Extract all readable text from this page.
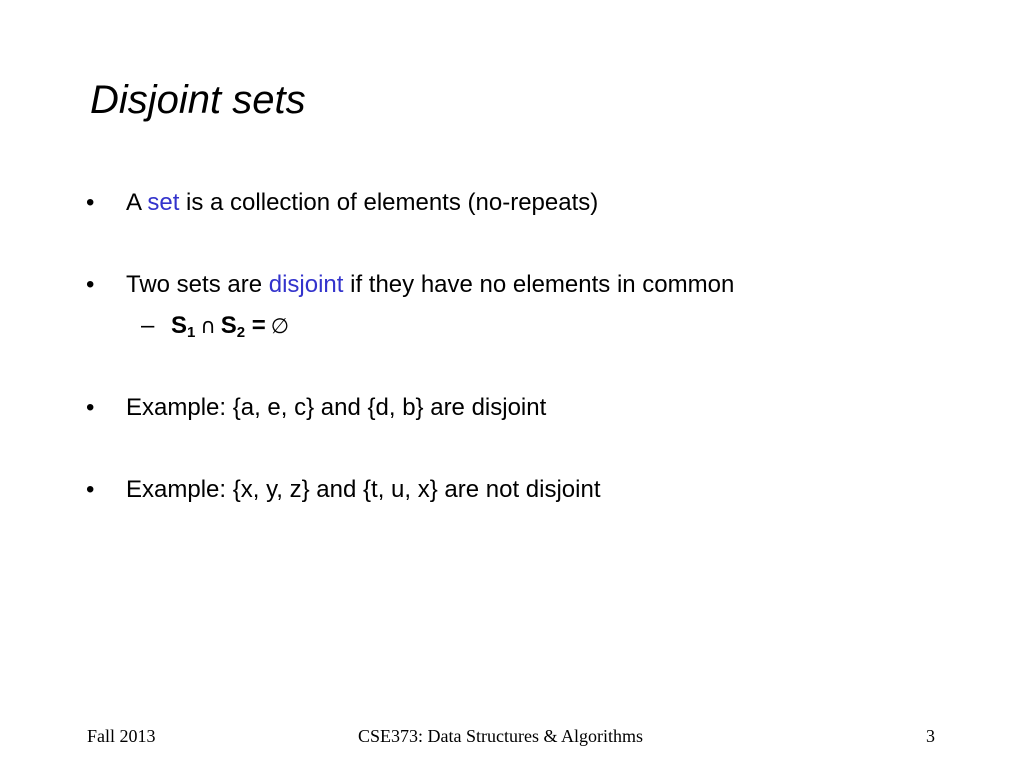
Disjoint sets
• A set is a collection of elements (no-repeats)
• Two sets are disjoint if they have no elements in common
– $S_1$ ∩ $S_2$ = ∅
• Example: {a, e, c} and {d, b} are disjoint
• Example: {x, y, z} and {t, u, x} are not disjoint
Fall 2013	CSE373: Data Structures & Algorithms	3
